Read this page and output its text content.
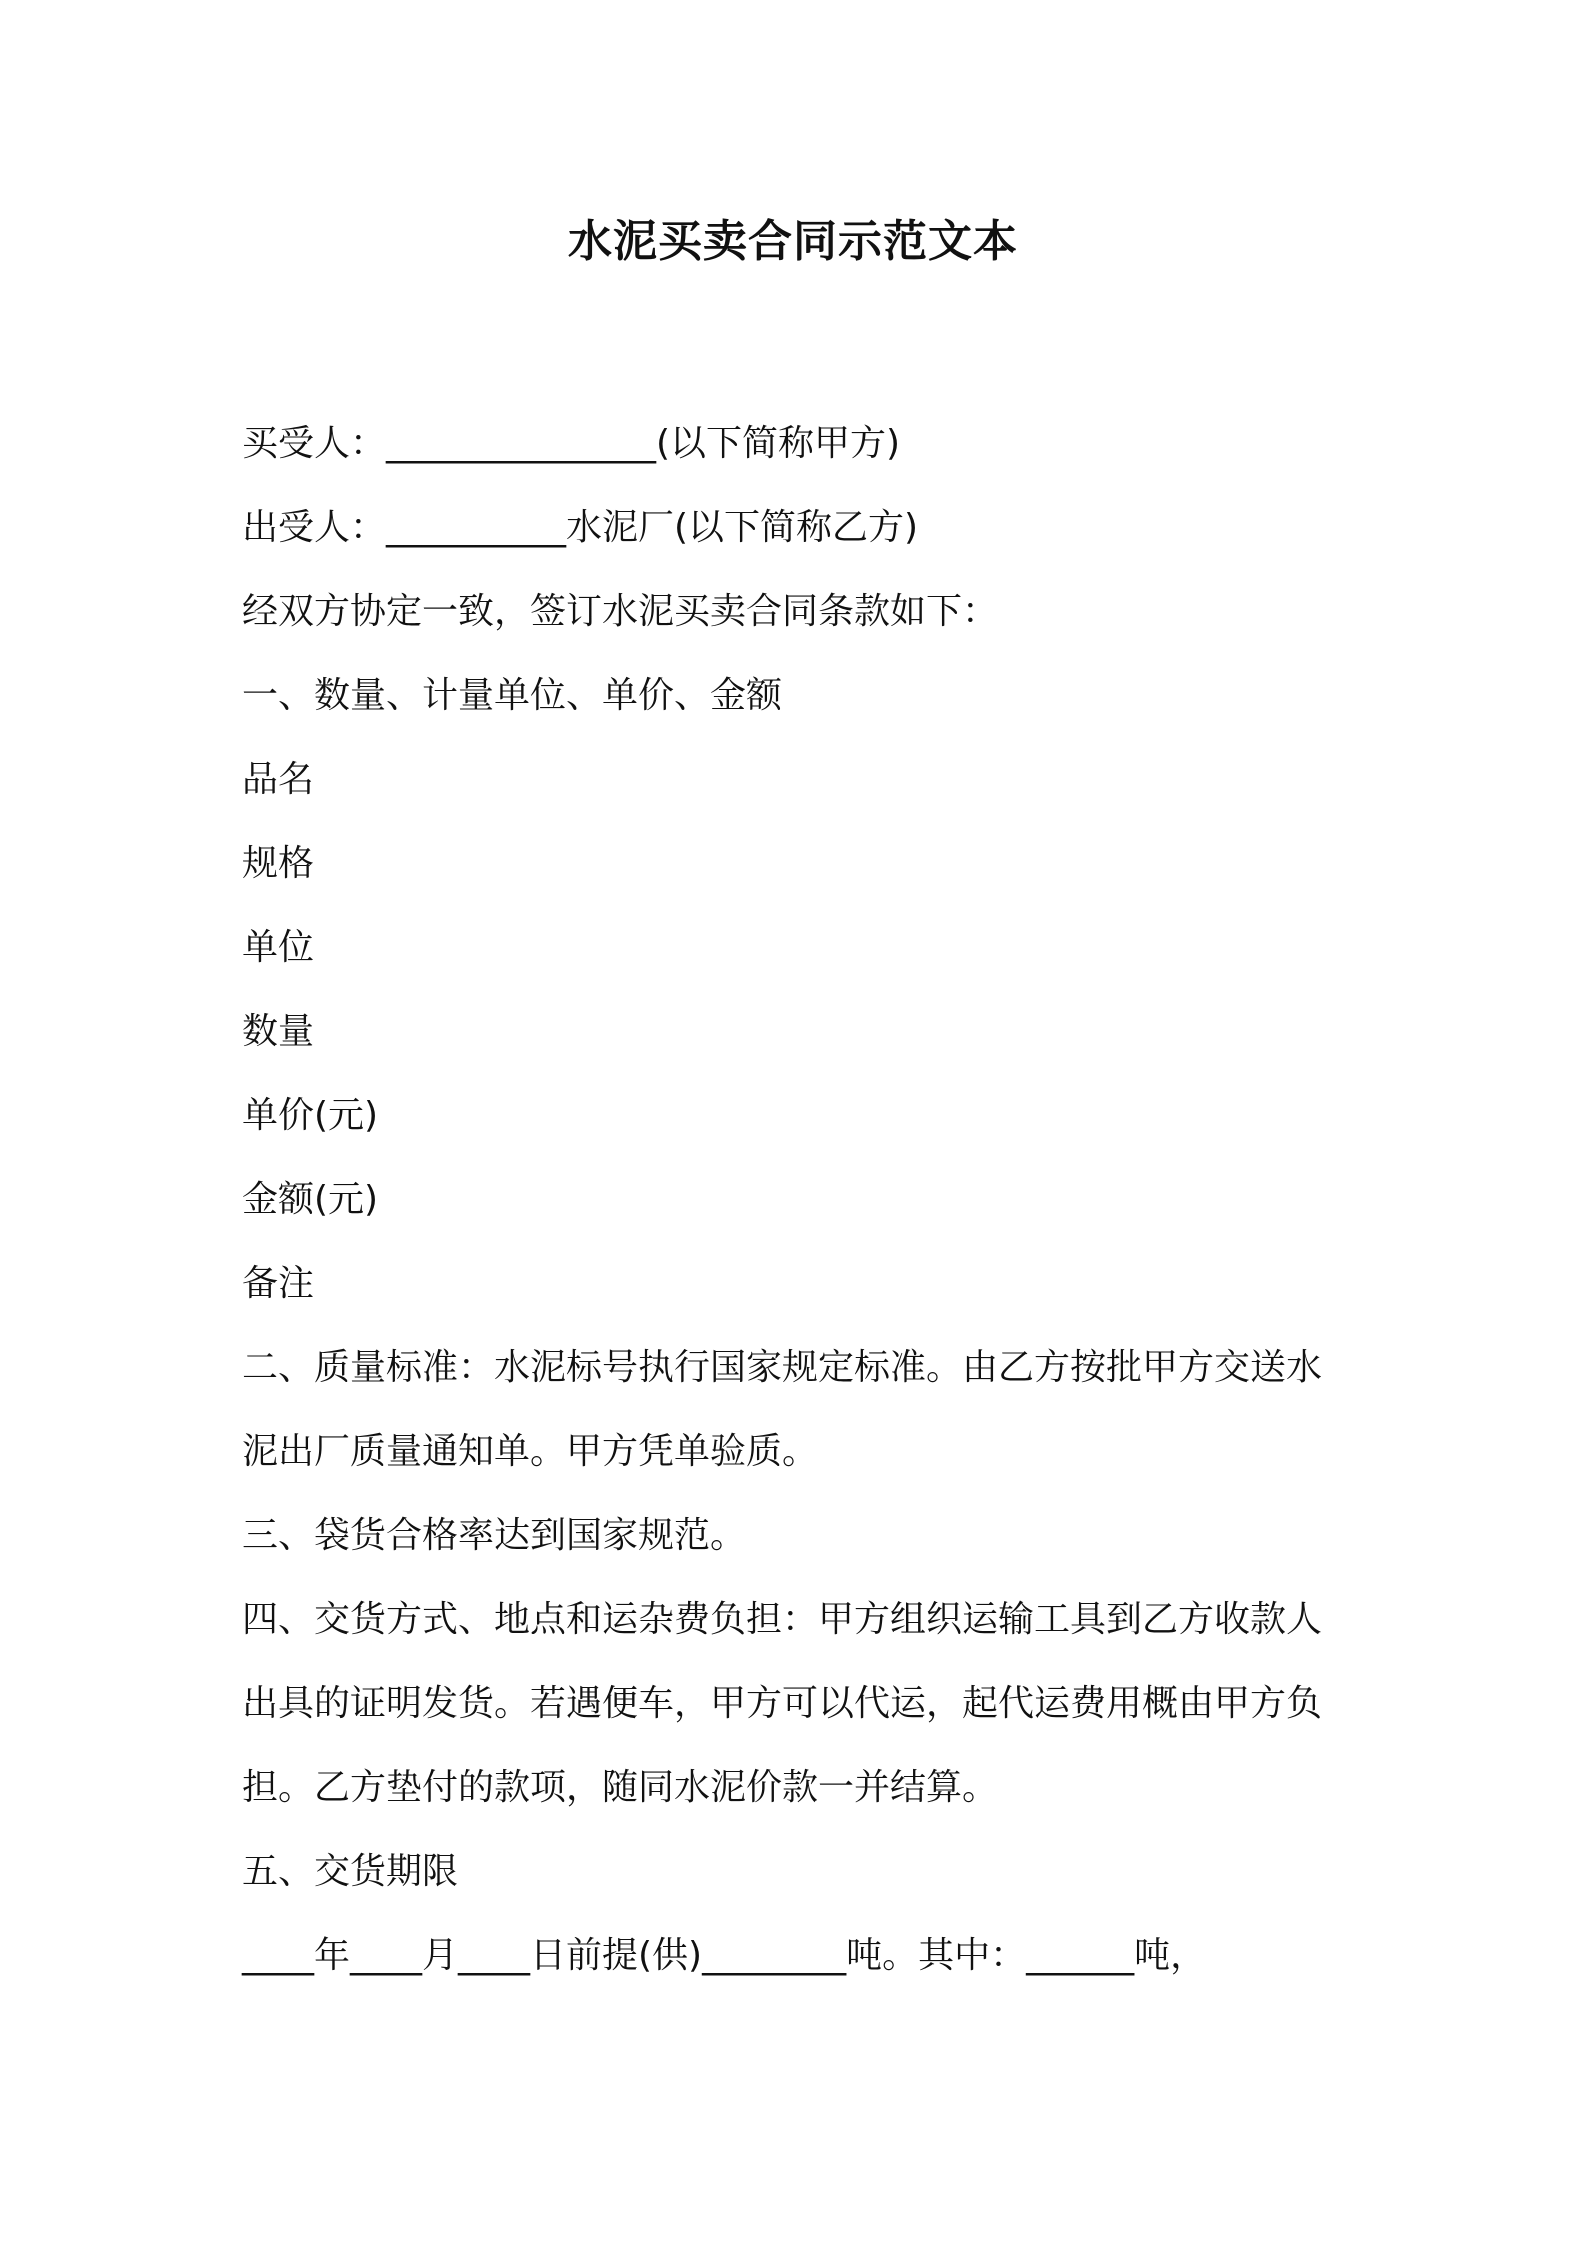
水泥买卖合同示范文本

买受人：_______________(以下简称甲方)

出受人：__________水泥厂(以下简称乙方)

经双方协定一致，签订水泥买卖合同条款如下：

一、数量、计量单位、单价、金额

品名

规格

单位

数量

单价(元)

金额(元)

备注

二、质量标准：水泥标号执行国家规定标准。由乙方按批甲方交送水

泥出厂质量通知单。甲方凭单验质。

三、袋货合格率达到国家规范。

四、交货方式、地点和运杂费负担：甲方组织运输工具到乙方收款人

出具的证明发货。若遇便车，甲方可以代运，起代运费用概由甲方负

担。乙方垫付的款项，随同水泥价款一并结算。

五、交货期限

____年____月____日前提(供)________吨。其中：______吨，
